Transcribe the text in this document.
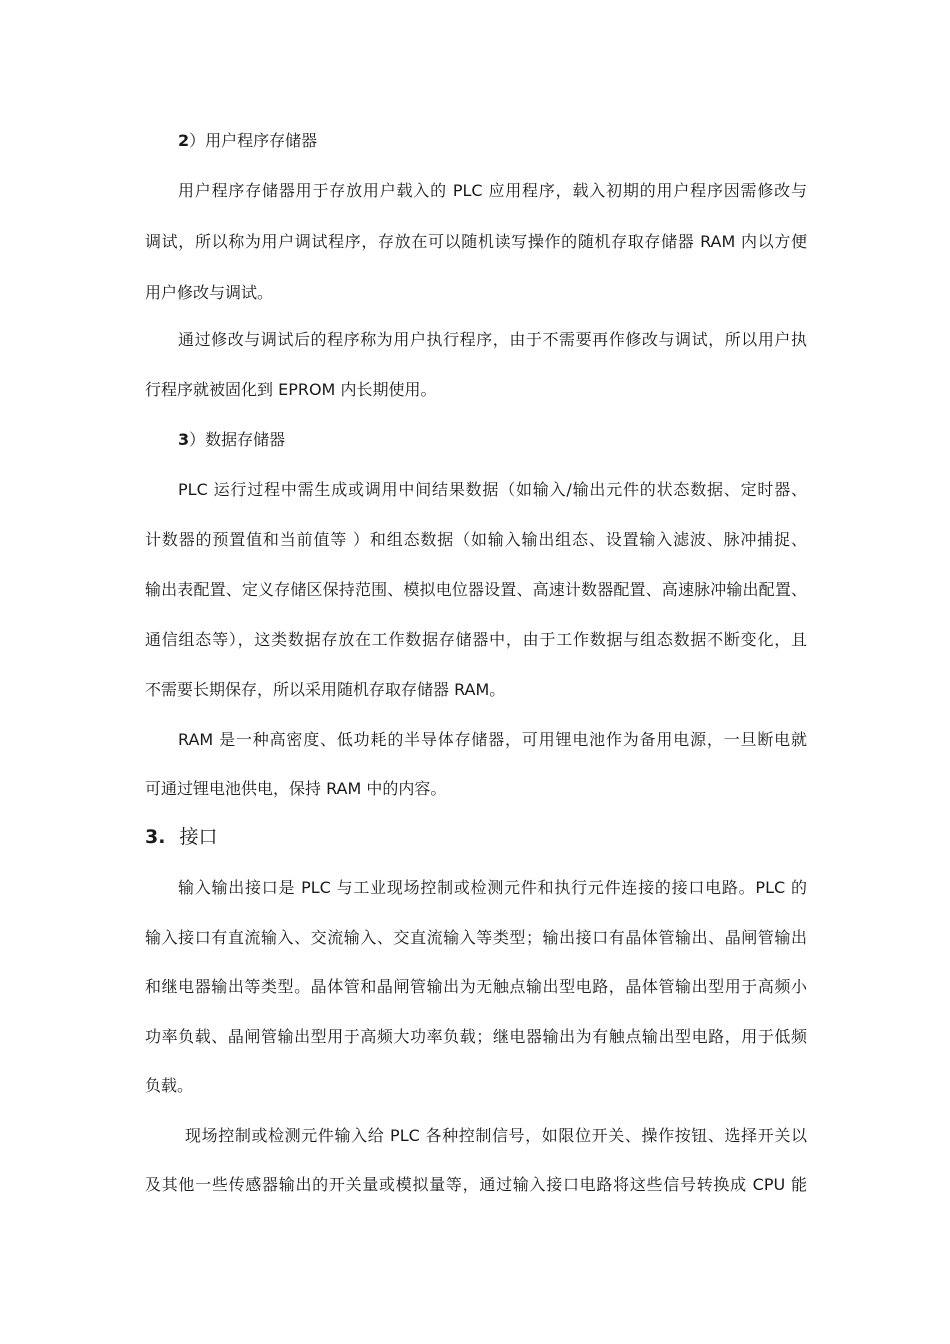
2）用户程序存储器
用户程序存储器用于存放用户载入的 PLC 应用程序，载入初期的用户程序因需修改与
调试，所以称为用户调试程序，存放在可以随机读写操作的随机存取存储器 RAM 内以方便
用户修改与调试。
通过修改与调试后的程序称为用户执行程序，由于不需要再作修改与调试，所以用户执
行程序就被固化到 EPROM 内长期使用。
3）数据存储器
PLC 运行过程中需生成或调用中间结果数据（如输入/输出元件的状态数据、定时器、
计数器的预置值和当前值等 ）和组态数据（如输入输出组态、设置输入滤波、脉冲捕捉、
输出表配置、定义存储区保持范围、模拟电位器设置、高速计数器配置、高速脉冲输出配置、
通信组态等），这类数据存放在工作数据存储器中，由于工作数据与组态数据不断变化，且
不需要长期保存，所以采用随机存取存储器 RAM。
RAM 是一种高密度、低功耗的半导体存储器，可用锂电池作为备用电源，一旦断电就
可通过锂电池供电，保持 RAM 中的内容。
3. 接口
输入输出接口是 PLC 与工业现场控制或检测元件和执行元件连接的接口电路。PLC 的
输入接口有直流输入、交流输入、交直流输入等类型；输出接口有晶体管输出、晶闸管输出
和继电器输出等类型。晶体管和晶闸管输出为无触点输出型电路，晶体管输出型用于高频小
功率负载、晶闸管输出型用于高频大功率负载；继电器输出为有触点输出型电路，用于低频
负载。
现场控制或检测元件输入给 PLC 各种控制信号，如限位开关、操作按钮、选择开关以
及其他一些传感器输出的开关量或模拟量等，通过输入接口电路将这些信号转换成 CPU 能
